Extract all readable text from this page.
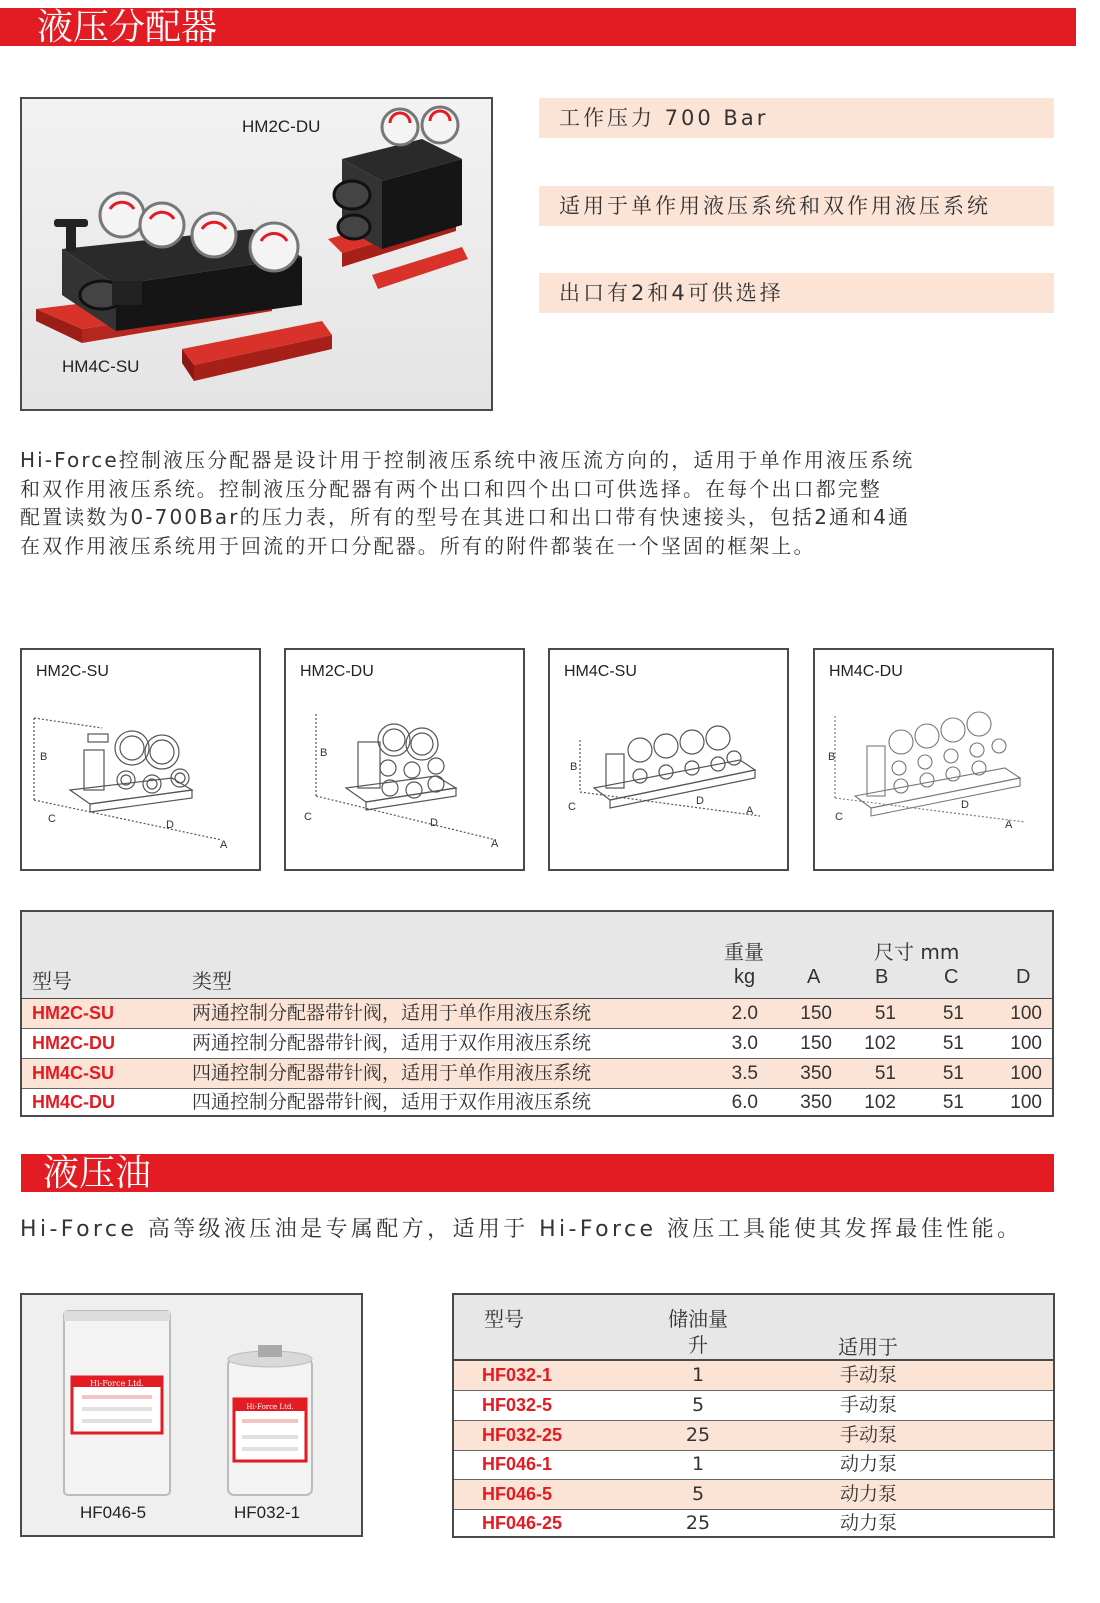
液压分配器
HM2C-DU
HM4C-SU
工作压力 700 Bar
适用于单作用液压系统和双作用液压系统
出口有2和4可供选择
Hi-Force控制液压分配器是设计用于控制液压系统中液压流方向的，适用于单作用液压系统
和双作用液压系统。控制液压分配器有两个出口和四个出口可供选择。在每个出口都完整
配置读数为0-700Bar的压力表，所有的型号在其进口和出口带有快速接头，包括2通和4通
在双作用液压系统用于回流的开口分配器。所有的附件都装在一个坚固的框架上。
HM2C-SU
B
C	D
A
HM2C-DU
B
C	D
A
HM4C-SU
B
C	D
A
HM4C-DU
B
C
D
A
型号	类型
重量
kg
尺寸 mm
A	B	C	D
HM2C-SU	两通控制分配器带针阀，适用于单作用液压系统	2.0	150	51	51	100
HM2C-DU	两通控制分配器带针阀，适用于双作用液压系统	3.0	150	102	51	100
HM4C-SU	四通控制分配器带针阀，适用于单作用液压系统	3.5	350	51	51	100
HM4C-DU	四通控制分配器带针阀，适用于双作用液压系统	6.0	350	102	51	100
液压油
Hi-Force 高等级液压油是专属配方，适用于 Hi-Force 液压工具能使其发挥最佳性能。
Hi-Force Ltd.
Hi-Force Ltd.
HF046-5	HF032-1
型号	储油量
升	适用于
HF032-1	1	手动泵
HF032-5	5	手动泵
HF032-25	25	手动泵
HF046-1	1	动力泵
HF046-5	5	动力泵
HF046-25	25	动力泵
